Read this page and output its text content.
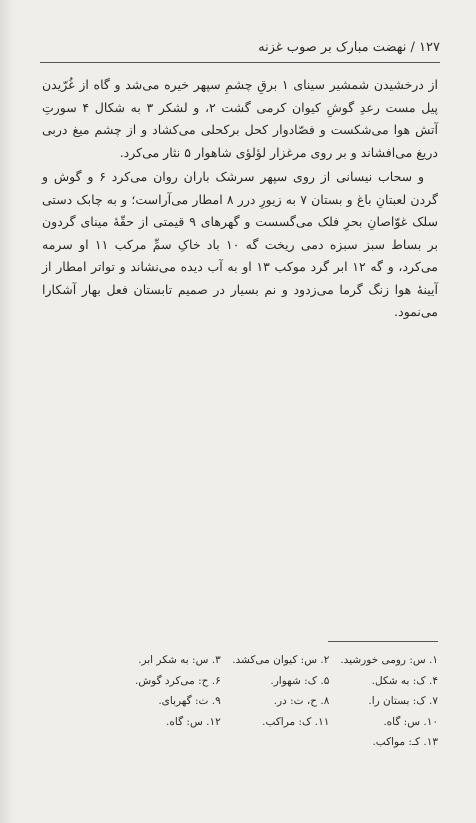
۱۲۷ / نهضت مبارک بر صوب غزنه

از درخشیدن شمشیر سینای ۱ برقِ چشمِ سپهر خیره می‌شد و گاه از غُرّیدن پیل مست رعدِ گوشِ کیوان کرمی گشت ۲، و لشکر ۳ به شکال ۴ سورتِ آتش هوا می‌شکست و فصّادوار کحل برکحلی می‌کشاد و از چشم میغ دربی دریغ می‌افشاند و بر روی مرغزار لؤلؤی شاهوار ۵ نثار می‌کرد.

و سحاب نیسانی از روی سپهر سرشک باران روان می‌کرد ۶ و گوش و گردن لعبتانِ باغ و بستان ۷ به زیورِ درر ۸ امطار می‌آراست؛ و به چابک دستی سلک غوّاصانِ بحرِ فلک می‌گسست و گهرهای ۹ قیمتی از حقّهٔ مینای گردون بر بساط سبز سبزه دمی ریخت گه ۱۰ باد خاکِ سمِّ مرکب ۱۱ او سرمه می‌کرد، و گه ۱۲ ابر گرد موکب ۱۳ او به آب دیده می‌نشاند و تواتر امطار از آیینهٔ هوا زنگ گرما می‌زدود و نم بسیار در صمیم تابستان فعل بهار آشکارا می‌نمود.

۱. س: رومی خورشید.
۲. س: کیوان می‌کشد.
۳. س: به شکر ابر.
۴. ک: به شکل.
۵. ک: شهوار.
۶. ح: می‌کرد گوش.
۷. ک: بستان را.
۸. ح، ت: در.
۹. ت: گهربای.
۱۰. س: گاه.
۱۱. ک: مراکب.
۱۲. س: گاه.
۱۳. کـ: مواکب.
